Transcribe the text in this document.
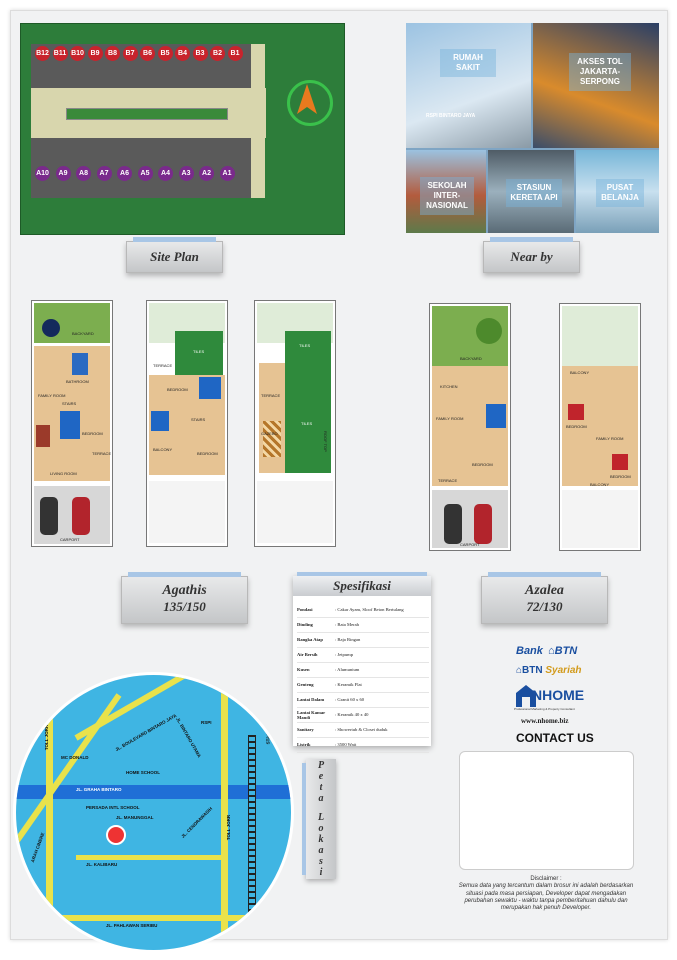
B12 B11 B10 B9	B8	B7	B6	B5	B4	B3	B2	B1
A10	A9	A8	A7	A6	A5	A4	A3	A2	A1
Site Plan
RUMAH
SAKIT
RSPI BINTARO JAYA
AKSES TOL
JAKARTA-
SERPONG
SEKOLAH
INTER-
NASIONAL
STASIUN
KERETA API
PUSAT
BELANJA
Near by
BACKYARD
BATHROOM
FAMILY ROOM
STAIRS
BEDROOM
TERRACE
LIVING ROOM
CARPORT
TERRACE
TILES
BEDROOM
BALCONY
STAIRS
BEDROOM
TILES
TERRACE
TILES
GAZEBO	ROOF TOP
BACKYARD
KITCHEN
FAMILY ROOM
BEDROOM
TERRACE
CARPORT
BALCONY
BEDROOM
FAMILY ROOM
BEDROOM
BALCONY
Agathis
135/150
Azalea
72/130
Spesifikasi
Pondasi	: Cakar Ayam, Sloof Beton Bertulang
Dinding	: Bata Merah
Rangka Atap	: Baja Ringan
Air Bersih	: Jetpump
Kusen	: Alumunium
Genteng	: Keramik Flat
Lantai Dalam	: Granit 60 x 60
Lantai Kamar Mandi	: Keramik 40 x 40
Sanitary	: Showertub & Closet duduk
Listrik	: 3500 Watt
Bank ⌂BTN
⌂BTN Syariah
NHOME
Professional Marketing & Property Consultant
www.nhome.biz
CONTACT US
JL. GRAHA BINTARO
TOLL JORR
TOLL JORR
ARAH CINERE
BSD	JL. PAHLAWAN SERIBU
JL. KALIBARU
JL. MANUNGGAL
JL. BOULEVARD BINTARO JAYA
JL. BINTARO UTAMA
JL. CENDRAWASIH
STASIUN K.A SUDIMARA
PERSADA INTL SCHOOL
RSPI
MC DONALD
HOME SCHOOL
P
e
t
a
L
o
k
a
s
i
Disclaimer :
Semua data yang tercantum dalam brosur ini adalah berdasarkan situasi pada masa persiapan, Developer dapat mengadakan perubahan sewaktu - waktu tanpa pemberitahuan dahulu dan merupakan hak penuh Developer.
